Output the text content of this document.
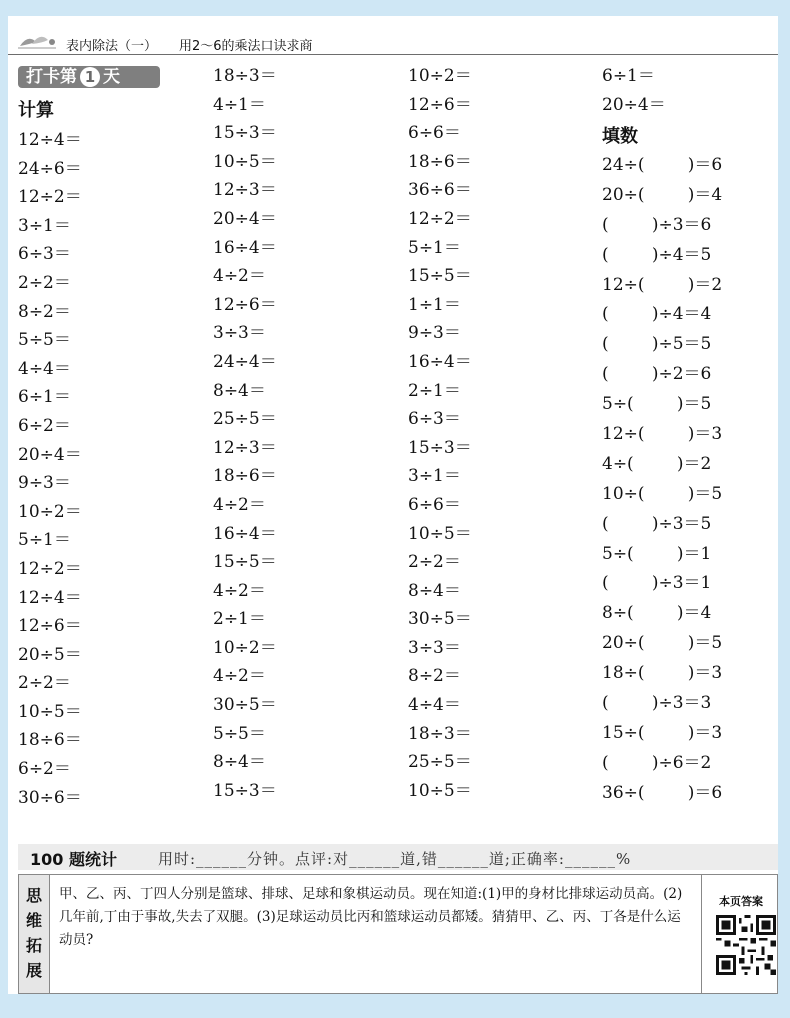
表内除法（一） 用2～6的乘法口诀求商
打卡第 1 天
计算
12÷4＝
24÷6＝
12÷2＝
3÷1＝
6÷3＝
2÷2＝
8÷2＝
5÷5＝
4÷4＝
6÷1＝
6÷2＝
20÷4＝
9÷3＝
10÷2＝
5÷1＝
12÷2＝
12÷4＝
12÷6＝
20÷5＝
2÷2＝
10÷5＝
18÷6＝
6÷2＝
30÷6＝
18÷3＝
4÷1＝
15÷3＝
10÷5＝
12÷3＝
20÷4＝
16÷4＝
4÷2＝
12÷6＝
3÷3＝
24÷4＝
8÷4＝
25÷5＝
12÷3＝
18÷6＝
4÷2＝
16÷4＝
15÷5＝
4÷2＝
2÷1＝
10÷2＝
4÷2＝
30÷5＝
5÷5＝
8÷4＝
15÷3＝
10÷2＝
12÷6＝
6÷6＝
18÷6＝
36÷6＝
12÷2＝
5÷1＝
15÷5＝
1÷1＝
9÷3＝
16÷4＝
2÷1＝
6÷3＝
15÷3＝
3÷1＝
6÷6＝
10÷5＝
2÷2＝
8÷4＝
30÷5＝
3÷3＝
8÷2＝
4÷4＝
18÷3＝
25÷5＝
10÷5＝
6÷1＝
20÷4＝
填数
24÷(        )＝6
20÷(        )＝4
(        )÷3＝6
(        )÷4＝5
12÷(        )＝2
(        )÷4＝4
(        )÷5＝5
(        )÷2＝6
5÷(        )＝5
12÷(        )＝3
4÷(        )＝2
10÷(        )＝5
(        )÷3＝5
5÷(        )＝1
(        )÷3＝1
8÷(        )＝4
20÷(        )＝5
18÷(        )＝3
(        )÷3＝3
15÷(        )＝3
(        )÷6＝2
36÷(        )＝6
100 题统计	用时:______分钟。点评:对______道,错______道;正确率:______%
思
维
拓
展
甲、乙、丙、丁四人分别是篮球、排球、足球和象棋运动员。现在知道:(1)甲的身材比排球运动员高。(2)几年前,丁由于事故,失去了双腿。(3)足球运动员比丙和篮球运动员都矮。猜猜甲、乙、丙、丁各是什么运动员?
本页答案
